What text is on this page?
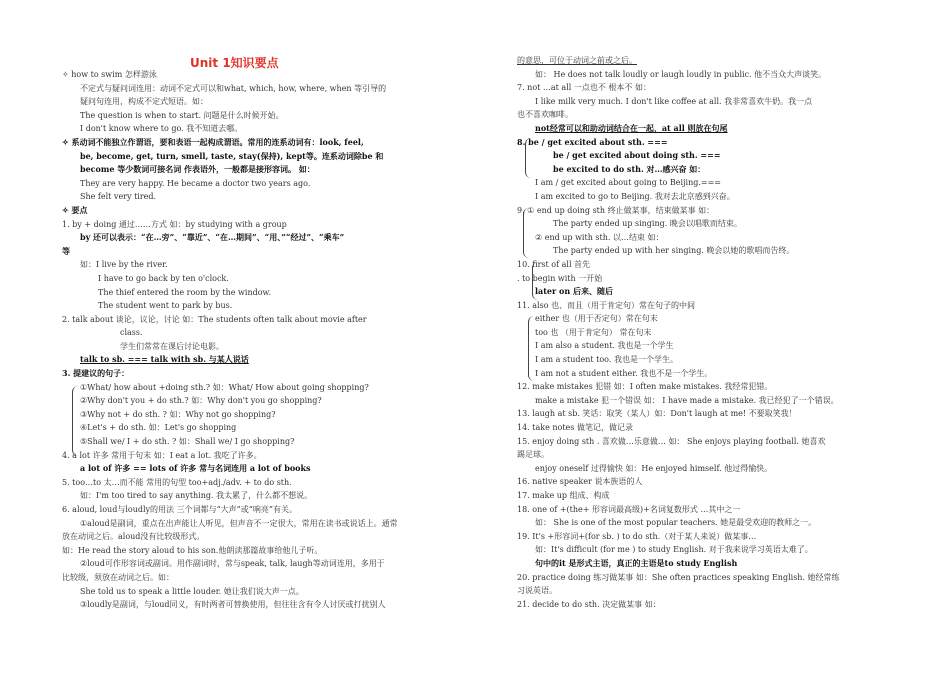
Unit 1知识要点
✧ how to swim 怎样游泳
不定式与疑问词连用：动词不定式可以和what, which, how, where, when 等引导的
疑问句连用，构成不定式短语。如：
The question is when to start. 问题是什么时候开始。
I don't know where to go. 我不知道去哪。
✧ 系动词不能独立作谓语，要和表语一起构成谓语。常用的连系动词有：look, feel,
be, become, get, turn, smell, taste, stay(保持), kept等。连系动词除be 和
become 等少数词可接名词 作表语外，一般都是接形容词。 如：
They are very happy. He became a doctor two years ago.
She felt very tired.
✧ 要点
1. by + doing 通过……方式 如：by studying with a group
by 还可以表示：“在…旁”、“靠近”、“在…期间”、“用、”“经过”、“乘车”
等
如：I live by the river.
I have to go back by ten o'clock.
The thief entered the room by the window.
The student went to park by bus.
2. talk about 谈论，议论，讨论 如：The students often talk about movie after
class.
学生们常常在课后讨论电影。
talk to sb. === talk with sb. 与某人说话
3. 提建议的句子：
①What/ how about +doing sth.? 如：What/ How about going shopping?
②Why don't you + do sth.? 如：Why don't you go shopping?
③Why not + do sth. ? 如：Why not go shopping?
④Let's + do sth. 如：Let's go shopping
⑤Shall we/ I + do sth. ? 如：Shall we/ I go shopping?
4. a lot 许多 常用于句末 如：I eat a lot. 我吃了许多。
a lot of 许多 == lots of 许多 常与名词连用 a lot of books
5. too…to 太…而不能 常用的句型 too+adj./adv. + to do sth.
如：I'm too tired to say anything. 我太累了，什么都不想说。
6. aloud, loud与loudly的用法 三个词都与“大声”或“响亮”有关。
①aloud是副词，重点在出声能让人听见，但声音不一定很大，常用在读书或说话上。通常
放在动词之后。aloud没有比较级形式。
如：He read the story aloud to his son.他朗读那篇故事给他儿子听。
②loud可作形容词或副词。用作副词时，常与speak, talk, laugh等动词连用，多用于
比较级，须放在动词之后。如：
She told us to speak a little louder. 她让我们说大声一点。
③loudly是副词，与loud同义，有时两者可替换使用，但往往含有令人讨厌或打扰别人
的意思，可位于动词之前或之后。
如： He does not talk loudly or laugh loudly in public. 他不当众大声谈笑。
7. not …at all 一点也不 根本不 如：
I like milk very much. I don't like coffee at all. 我非常喜欢牛奶。我一点
也不喜欢咖啡。
not经常可以和助动词结合在一起，at all 则放在句尾
8. be / get excited about sth. ===
be / get excited about doing sth. ===
be excited to do sth. 对…感兴奋 如：
I am / get excited about going to Beijing.===
I am excited to go to Beijing. 我对去北京感到兴奋。
9. ① end up doing sth 终止做某事，结束做某事 如：
The party ended up singing. 晚会以唱歌而结束。
② end up with sth. 以…结束 如：
The party ended up with her singing. 晚会以她的歌唱而告终。
10. first of all 首先
. to begin with 一开始
later on 后来、随后
11. also 也、而且（用于肯定句）常在句子的中间
either 也（用于否定句）常在句末
too 也 （用于肯定句） 常在句末
I am also a student. 我也是一个学生
I am a student too. 我也是一个学生。
I am not a student either. 我也不是一个学生。
12. make mistakes 犯错 如：I often make mistakes. 我经常犯错。
make a mistake 犯一个错误 如： I have made a mistake. 我已经犯了一个错误。
13. laugh at sb. 笑话：取笑（某人）如：Don't laugh at me! 不要取笑我！
14. take notes 做笔记，做记录
15. enjoy doing sth . 喜欢做…乐意做… 如： She enjoys playing football. 她喜欢
踢足球。
enjoy oneself 过得愉快 如：He enjoyed himself. 他过得愉快。
16. native speaker 说本族语的人
17. make up 组成、构成
18. one of +(the+ 形容词最高级)+名词复数形式 …其中之一
如： She is one of the most popular teachers. 她是最受欢迎的教师之一。
19. It's +形容词+(for sb. ) to do sth.（对于某人来说）做某事…
如：It's difficult (for me ) to study English. 对于我来说学习英语太难了。
句中的it 是形式主语，真正的主语是to study English
20. practice doing 练习做某事 如：She often practices speaking English. 她经常练
习说英语。
21. decide to do sth. 决定做某事 如：
